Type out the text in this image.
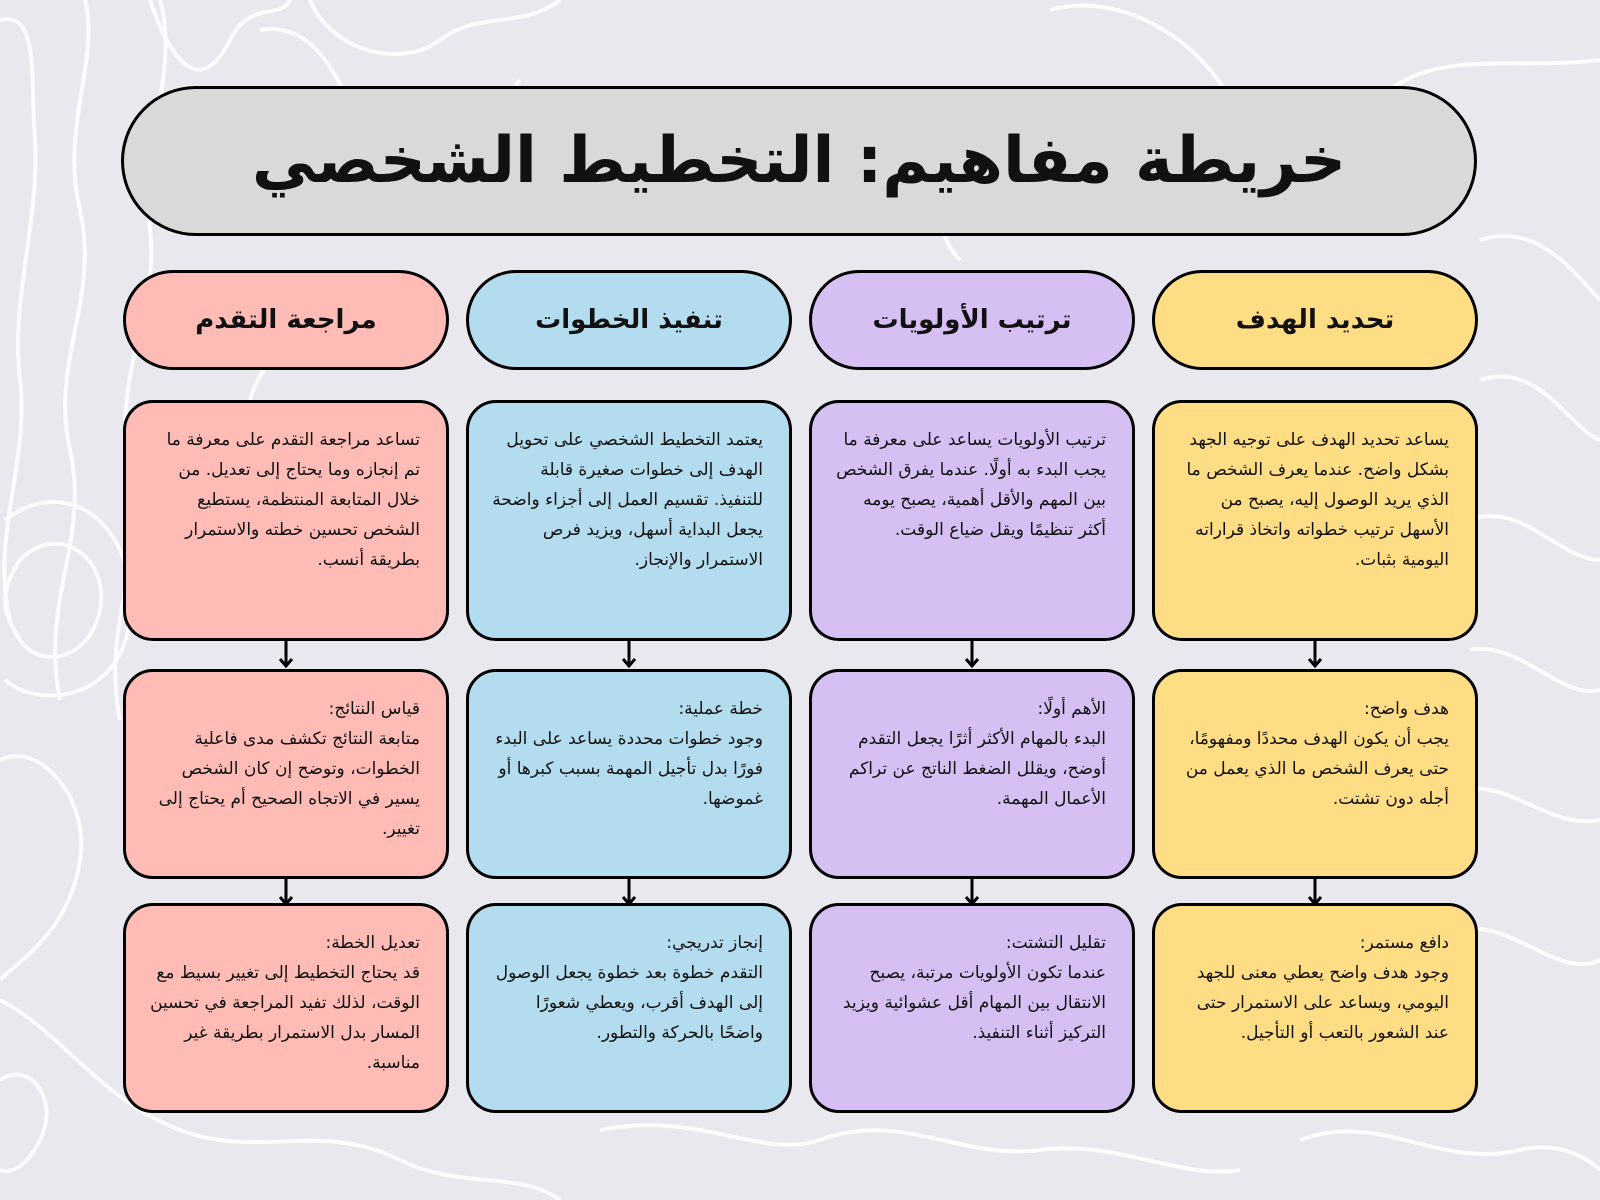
خريطة مفاهيم: التخطيط الشخصي
تحديد الهدف
يساعد تحديد الهدف على توجيه الجهد بشكل واضح. عندما يعرف الشخص ما الذي يريد الوصول إليه، يصبح من الأسهل ترتيب خطواته واتخاذ قراراته اليومية بثبات.
هدف واضح:
يجب أن يكون الهدف محددًا ومفهومًا، حتى يعرف الشخص ما الذي يعمل من أجله دون تشتت.
دافع مستمر:
وجود هدف واضح يعطي معنى للجهد اليومي، ويساعد على الاستمرار حتى عند الشعور بالتعب أو التأجيل.
ترتيب الأولويات
ترتيب الأولويات يساعد على معرفة ما يجب البدء به أولًا. عندما يفرق الشخص بين المهم والأقل أهمية، يصبح يومه أكثر تنظيمًا ويقل ضياع الوقت.
الأهم أولًا:
البدء بالمهام الأكثر أثرًا يجعل التقدم أوضح، ويقلل الضغط الناتج عن تراكم الأعمال المهمة.
تقليل التشتت:
عندما تكون الأولويات مرتبة، يصبح الانتقال بين المهام أقل عشوائية ويزيد التركيز أثناء التنفيذ.
تنفيذ الخطوات
يعتمد التخطيط الشخصي على تحويل الهدف إلى خطوات صغيرة قابلة للتنفيذ. تقسيم العمل إلى أجزاء واضحة يجعل البداية أسهل، ويزيد فرص الاستمرار والإنجاز.
خطة عملية:
وجود خطوات محددة يساعد على البدء فورًا بدل تأجيل المهمة بسبب كبرها أو غموضها.
إنجاز تدريجي:
التقدم خطوة بعد خطوة يجعل الوصول إلى الهدف أقرب، ويعطي شعورًا واضحًا بالحركة والتطور.
مراجعة التقدم
تساعد مراجعة التقدم على معرفة ما تم إنجازه وما يحتاج إلى تعديل. من خلال المتابعة المنتظمة، يستطيع الشخص تحسين خطته والاستمرار بطريقة أنسب.
قياس النتائج:
متابعة النتائج تكشف مدى فاعلية الخطوات، وتوضح إن كان الشخص يسير في الاتجاه الصحيح أم يحتاج إلى تغيير.
تعديل الخطة:
قد يحتاج التخطيط إلى تغيير بسيط مع الوقت، لذلك تفيد المراجعة في تحسين المسار بدل الاستمرار بطريقة غير مناسبة.
